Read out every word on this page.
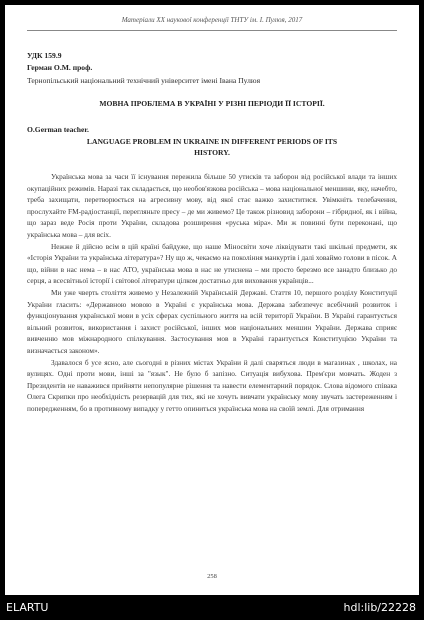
Матеріали ХХ наукової конференції ТНТУ ім. І. Пулюя, 2017
УДК 159.9
Герман О.М. проф.
Тернопільський національний технічний університет імені Івана Пулюя
МОВНА ПРОБЛЕМА В УКРАЇНІ У РІЗНІ ПЕРІОДИ ЇЇ ІСТОРІЇ.
O.German teacher.
LANGUAGE PROBLEM IN UKRAINE IN DIFFERENT PERIODS OF ITS
HISTORY.

Українська мова за часи її існування пережила більше 50 утисків та заборон від російської влади та інших окупаційних режимів. Наразі так складається, що необов'язкова російська – мова національної меншини, яку, начебто, треба захищати, перетворюється на агресивну мову, від якої стає важко захиститися. Увімкніть телебачення, прослухайте FM-радіостанції, перегляньте пресу – де ми живемо? Це також різновид заборони – гібридної, як і війна, що зараз веде Росія проти України, складова розширення «руська міра». Ми ж повинні бути переконані, що українська мова – для всіх.

Нежже й дійсно всім в цій країні байдуже, що наше Міносвіти хоче ліквідувати такі шкільні предмети, як «Історія України та українська література»? Ну що ж, чекаємо на покоління манкуртів і далі ховаймо голови в пісок. А що, війни в нас нема – в нас АТО, українська мова в нас не утиснена – ми просто березмо все занадто близько до серця, а всесвітньої історії і світової літератури цілком достатньо для виховання українців...

Ми уже чверть століття живемо у Незалежній Українській Державі. Стаття 10, першого розділу Конституції України гласить: «Державною мовою в Україні є українська мова. Держава забезпечує всебічний розвиток і функціонування української мови в усіх сферах суспільного життя на всій території України. В Україні гарантується вільний розвиток, використання і захист російської, інших мов національних меншин України. Держава сприяє вивченню мов міжнародного спілкування. Застосування мов в Україні гарантується Конституцією України та визначається законом».

Здавалося б усе ясно, але сьогодні в різних містах України й далі сваряться люди в магазинах , школах, на вулицях. Одні проти мови, інші за "язык". Не було б запізно. Ситуація вибухова. Прем'єри мовчать. Жоден з Президентів не наважився прийняти непопулярне рішення та навести елементарний порядок. Слова відомого співака Олега Скрипки про необхідність резервацій для тих, які не хочуть вивчати українську мову звучать застереженням і попередженням, бо в противному випадку у гетто опиниться українська мова на своїй землі. Для отримання

258
ELARTU	hdl:lib/22228
